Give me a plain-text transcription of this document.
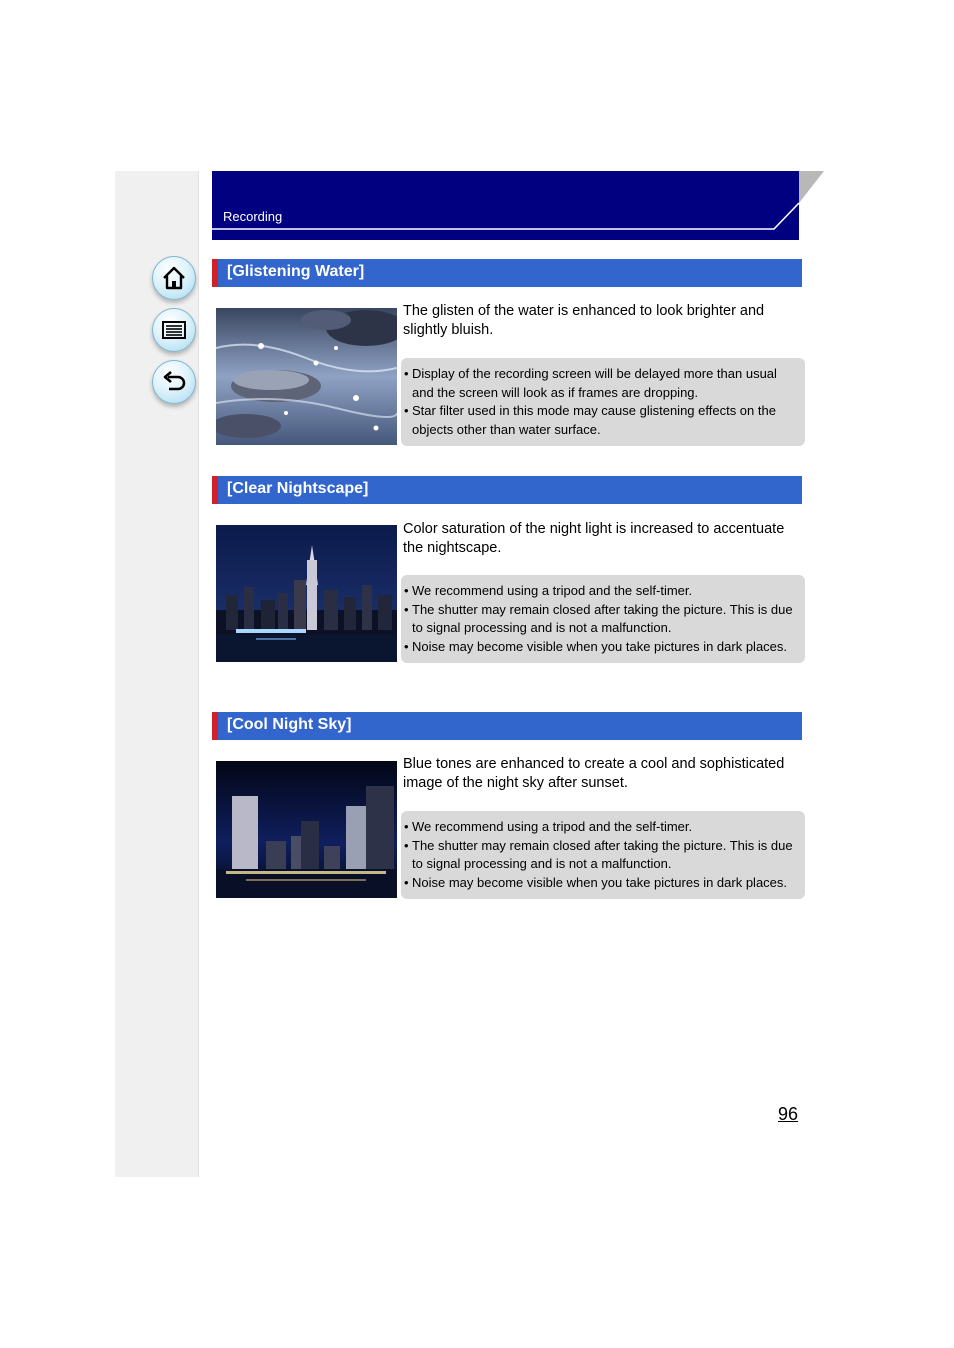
Recording
[Glistening Water]
The glisten of the water is enhanced to look brighter and slightly bluish.
• Display of the recording screen will be delayed more than usual and the screen will look as if frames are dropping.
• Star filter used in this mode may cause glistening effects on the objects other than water surface.
[Clear Nightscape]
Color saturation of the night light is increased to accentuate the nightscape.
• We recommend using a tripod and the self-timer.
• The shutter may remain closed after taking the picture. This is due to signal processing and is not a malfunction.
• Noise may become visible when you take pictures in dark places.
[Cool Night Sky]
Blue tones are enhanced to create a cool and sophisticated image of the night sky after sunset.
• We recommend using a tripod and the self-timer.
• The shutter may remain closed after taking the picture. This is due to signal processing and is not a malfunction.
• Noise may become visible when you take pictures in dark places.
96
